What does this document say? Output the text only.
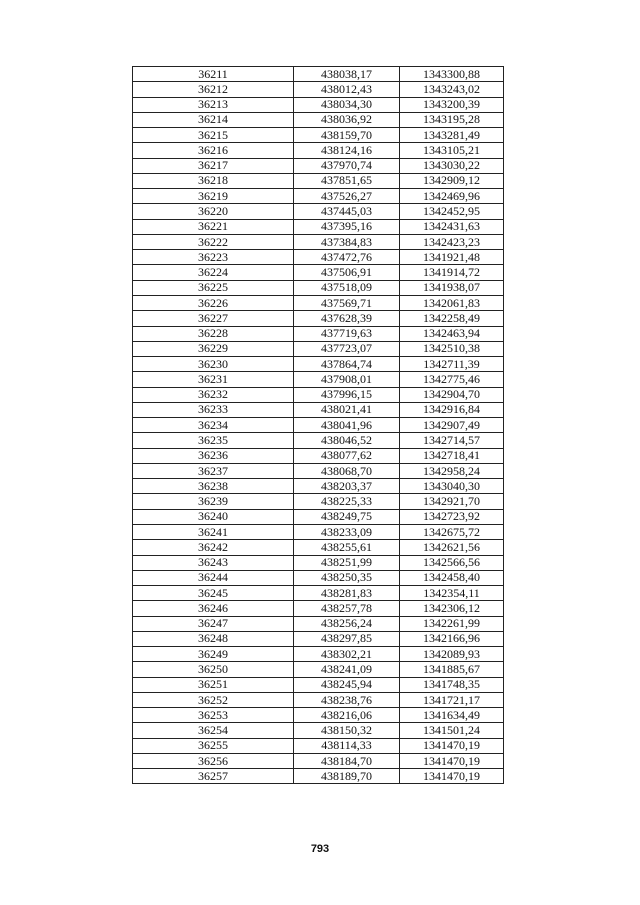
36211	438038,17	1343300,88
36212	438012,43	1343243,02
36213	438034,30	1343200,39
36214	438036,92	1343195,28
36215	438159,70	1343281,49
36216	438124,16	1343105,21
36217	437970,74	1343030,22
36218	437851,65	1342909,12
36219	437526,27	1342469,96
36220	437445,03	1342452,95
36221	437395,16	1342431,63
36222	437384,83	1342423,23
36223	437472,76	1341921,48
36224	437506,91	1341914,72
36225	437518,09	1341938,07
36226	437569,71	1342061,83
36227	437628,39	1342258,49
36228	437719,63	1342463,94
36229	437723,07	1342510,38
36230	437864,74	1342711,39
36231	437908,01	1342775,46
36232	437996,15	1342904,70
36233	438021,41	1342916,84
36234	438041,96	1342907,49
36235	438046,52	1342714,57
36236	438077,62	1342718,41
36237	438068,70	1342958,24
36238	438203,37	1343040,30
36239	438225,33	1342921,70
36240	438249,75	1342723,92
36241	438233,09	1342675,72
36242	438255,61	1342621,56
36243	438251,99	1342566,56
36244	438250,35	1342458,40
36245	438281,83	1342354,11
36246	438257,78	1342306,12
36247	438256,24	1342261,99
36248	438297,85	1342166,96
36249	438302,21	1342089,93
36250	438241,09	1341885,67
36251	438245,94	1341748,35
36252	438238,76	1341721,17
36253	438216,06	1341634,49
36254	438150,32	1341501,24
36255	438114,33	1341470,19
36256	438184,70	1341470,19
36257	438189,70	1341470,19
793
